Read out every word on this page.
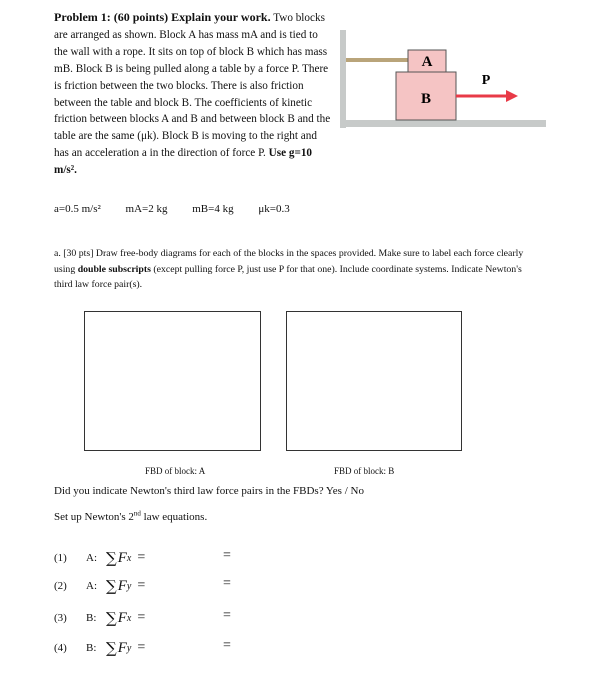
Problem 1: (60 points) Explain your work. Two blocks are arranged as shown. Block A has mass mA and is tied to the wall with a rope. It sits on top of block B which has mass mB. Block B is being pulled along a table by a force P. There is friction between the two blocks. There is also friction between the table and block B. The coefficients of kinetic friction between blocks A and B and between block B and the table are the same (μk). Block B is moving to the right and has an acceleration a in the direction of force P. Use g=10 m/s².
B
A
P
a=0.5 m/s² mA=2 kg mB=4 kg μk=0.3
a. [30 pts] Draw free-body diagrams for each of the blocks in the spaces provided. Make sure to label each force clearly using double subscripts (except pulling force P, just use P for that one). Include coordinate systems. Indicate Newton's third law force pair(s).
FBD of block: A	FBD of block: B
Did you indicate Newton's third law force pairs in the FBDs? Yes / No
Set up Newton's 2nd law equations.
(1)	A: ∑ F x =	=
(2)	A: ∑ F y =	=
(3)	B: ∑ F x =	=
(4)	B: ∑ F y =	=
